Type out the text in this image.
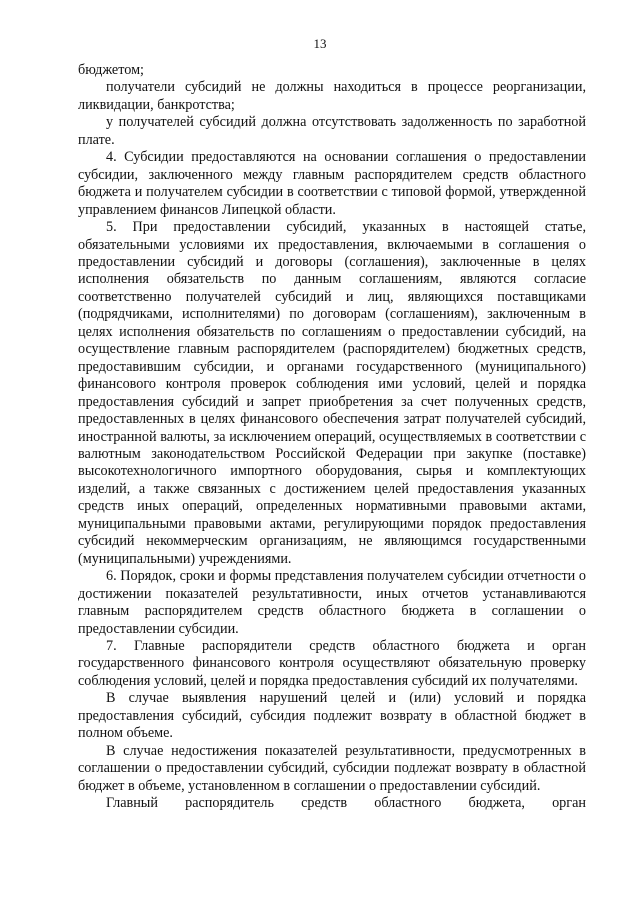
13

бюджетом;

получатели субсидий не должны находиться в процессе реорганизации, ликвидации, банкротства;

у получателей субсидий должна отсутствовать задолженность по заработной плате.

4. Субсидии предоставляются на основании соглашения о предоставлении субсидии, заключенного между главным распорядителем средств областного бюджета и получателем субсидии в соответствии с типовой формой, утвержденной управлением финансов Липецкой области.

5. При предоставлении субсидий, указанных в настоящей статье, обязательными условиями их предоставления, включаемыми в соглашения о предоставлении субсидий и договоры (соглашения), заключенные в целях исполнения обязательств по данным соглашениям, являются согласие соответственно получателей субсидий и лиц, являющихся поставщиками (подрядчиками, исполнителями) по договорам (соглашениям), заключенным в целях исполнения обязательств по соглашениям о предоставлении субсидий, на осуществление главным распорядителем (распорядителем) бюджетных средств, предоставившим субсидии, и органами государственного (муниципального) финансового контроля проверок соблюдения ими условий, целей и порядка предоставления субсидий и запрет приобретения за счет полученных средств, предоставленных в целях финансового обеспечения затрат получателей субсидий, иностранной валюты, за исключением операций, осуществляемых в соответствии с валютным законодательством Российской Федерации при закупке (поставке) высокотехнологичного импортного оборудования, сырья и комплектующих изделий, а также связанных с достижением целей предоставления указанных средств иных операций, определенных нормативными правовыми актами, муниципальными правовыми актами, регулирующими порядок предоставления субсидий некоммерческим организациям, не являющимся государственными (муниципальными) учреждениями.

6. Порядок, сроки и формы представления получателем субсидии отчетности о достижении показателей результативности, иных отчетов устанавливаются главным распорядителем средств областного бюджета в соглашении о предоставлении субсидии.

7. Главные распорядители средств областного бюджета и орган государственного финансового контроля осуществляют обязательную проверку соблюдения условий, целей и порядка предоставления субсидий их получателями.

В случае выявления нарушений целей и (или) условий и порядка предоставления субсидий, субсидия подлежит возврату в областной бюджет в полном объеме.

В случае недостижения показателей результативности, предусмотренных в соглашении о предоставлении субсидий, субсидии подлежат возврату в областной бюджет в объеме, установленном в соглашении о предоставлении субсидий.

Главный распорядитель средств областного бюджета, орган
